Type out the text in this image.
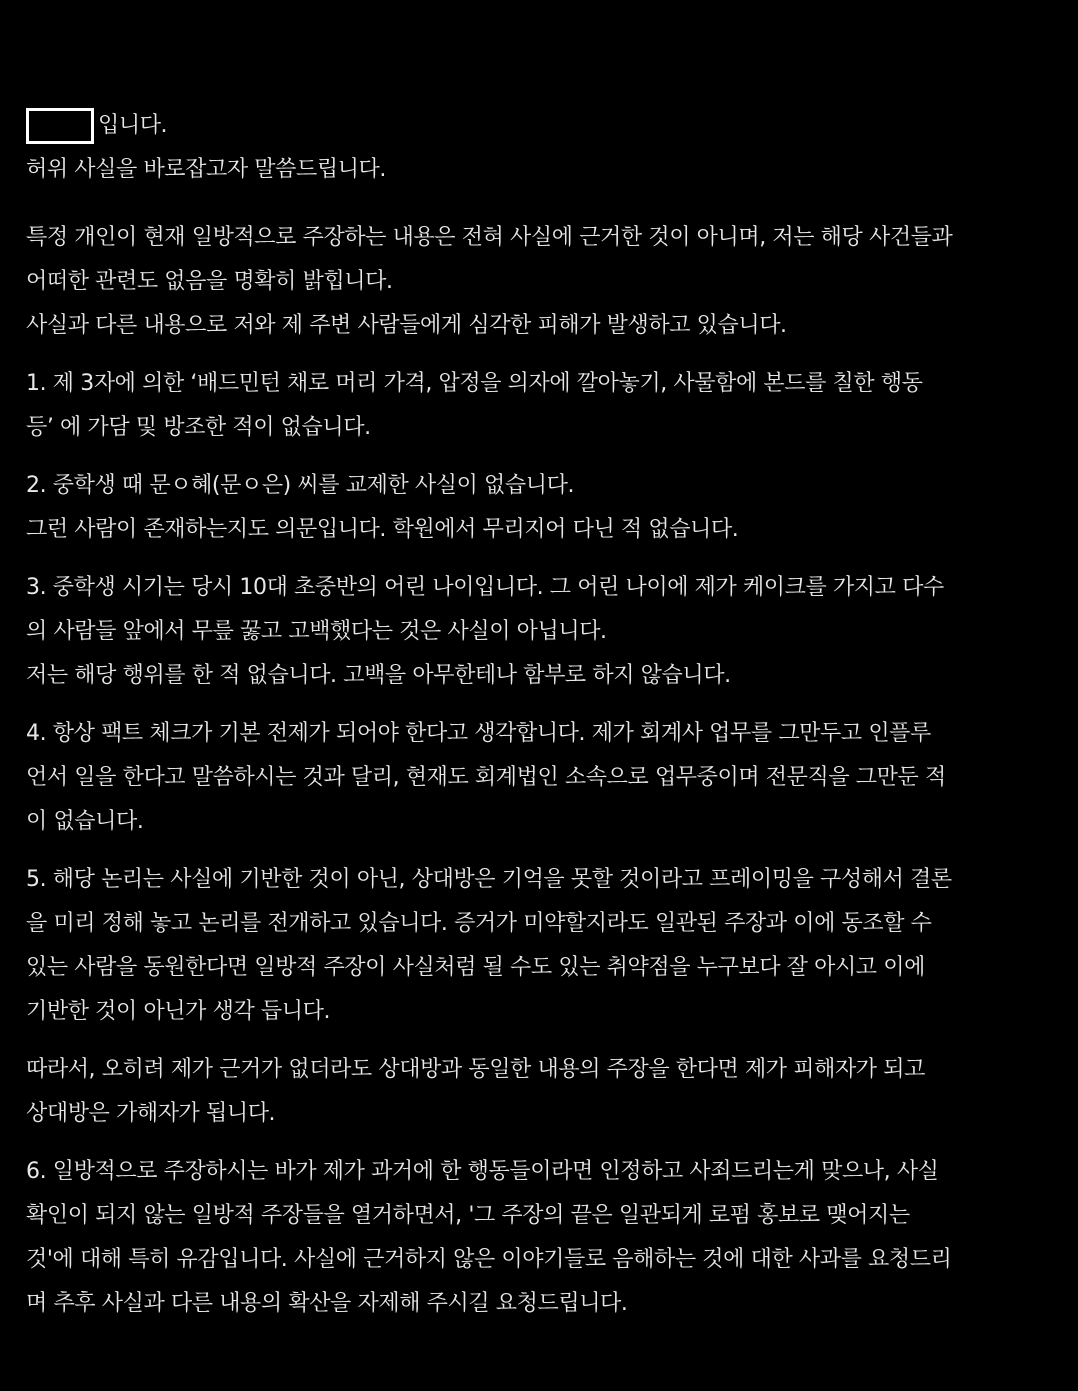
입니다.
허위 사실을 바로잡고자 말씀드립니다.
특정 개인이 현재 일방적으로 주장하는 내용은 전혀 사실에 근거한 것이 아니며, 저는 해당 사건들과
어떠한 관련도 없음을 명확히 밝힙니다.
사실과 다른 내용으로 저와 제 주변 사람들에게 심각한 피해가 발생하고 있습니다.
1. 제 3자에 의한 ‘배드민턴 채로 머리 가격, 압정을 의자에 깔아놓기, 사물함에 본드를 칠한 행동
등’ 에 가담 및 방조한 적이 없습니다.
2. 중학생 때 문ㅇ혜(문ㅇ은) 씨를 교제한 사실이 없습니다.
그런 사람이 존재하는지도 의문입니다. 학원에서 무리지어 다닌 적 없습니다.
3. 중학생 시기는 당시 10대 초중반의 어린 나이입니다. 그 어린 나이에 제가 케이크를 가지고 다수
의 사람들 앞에서 무릎 꿇고 고백했다는 것은 사실이 아닙니다.
저는 해당 행위를 한 적 없습니다. 고백을 아무한테나 함부로 하지 않습니다.
4. 항상 팩트 체크가 기본 전제가 되어야 한다고 생각합니다. 제가 회계사 업무를 그만두고 인플루
언서 일을 한다고 말씀하시는 것과 달리, 현재도 회계법인 소속으로 업무중이며 전문직을 그만둔 적
이 없습니다.
5. 해당 논리는 사실에 기반한 것이 아닌, 상대방은 기억을 못할 것이라고 프레이밍을 구성해서 결론
을 미리 정해 놓고 논리를 전개하고 있습니다. 증거가 미약할지라도 일관된 주장과 이에 동조할 수
있는 사람을 동원한다면 일방적 주장이 사실처럼 될 수도 있는 취약점을 누구보다 잘 아시고 이에
기반한 것이 아닌가 생각 듭니다.
따라서, 오히려 제가 근거가 없더라도 상대방과 동일한 내용의 주장을 한다면 제가 피해자가 되고
상대방은 가해자가 됩니다.
6. 일방적으로 주장하시는 바가 제가 과거에 한 행동들이라면 인정하고 사죄드리는게 맞으나, 사실
확인이 되지 않는 일방적 주장들을 열거하면서, '그 주장의 끝은 일관되게 로펌 홍보로 맺어지는
것'에 대해 특히 유감입니다. 사실에 근거하지 않은 이야기들로 음해하는 것에 대한 사과를 요청드리
며 추후 사실과 다른 내용의 확산을 자제해 주시길 요청드립니다.
